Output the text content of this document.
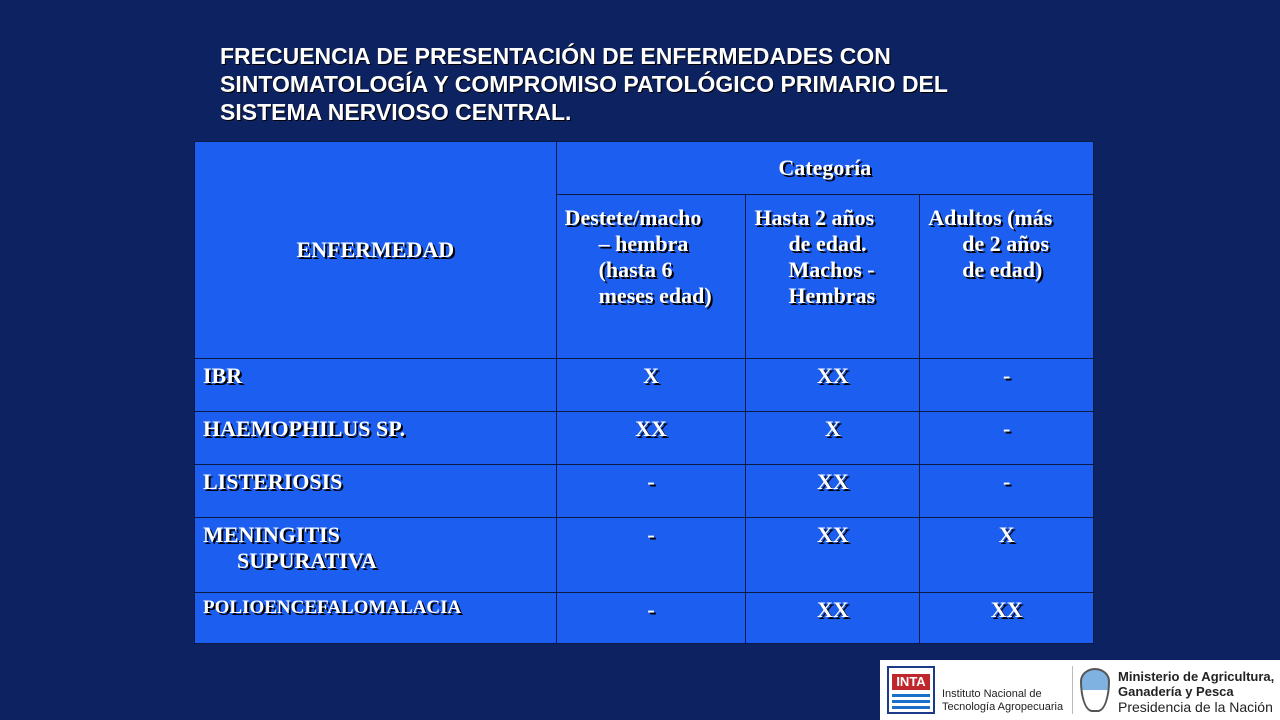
FRECUENCIA DE PRESENTACIÓN DE ENFERMEDADES CON
SINTOMATOLOGÍA Y COMPROMISO PATOLÓGICO PRIMARIO DEL
SISTEMA NERVIOSO CENTRAL.
ENFERMEDAD	Categoría		

	Destete/macho
– hembra
(hasta 6
meses edad)	Hasta 2 años
de edad.
Machos -
Hembras	Adultos (más
de 2 años
de edad)

IBR	X	XX	-
HAEMOPHILUS SP.	XX	X	-
LISTERIOSIS	-	XX	-

MENINGITIS
SUPURATIVA	-	XX	X
POLIOENCEFALOMALACIA	-	XX	XX
INTA
Instituto Nacional de
Tecnología Agropecuaria
Ministerio de Agricultura,
Ganadería y Pesca
Presidencia de la Nación
